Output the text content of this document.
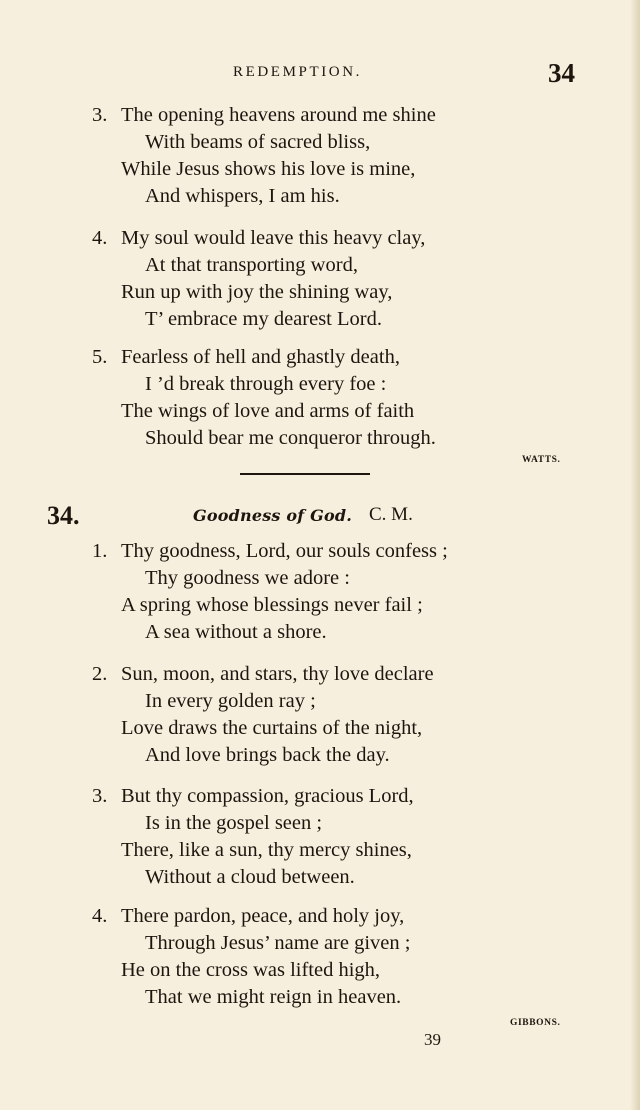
REDEMPTION.	34
3. The opening heavens around me shine
With beams of sacred bliss,
While Jesus shows his love is mine,
And whispers, I am his.
4. My soul would leave this heavy clay,
At that transporting word,
Run up with joy the shining way,
T’ embrace my dearest Lord.
5. Fearless of hell and ghastly death,
I ’d break through every foe :
The wings of love and arms of faith
Should bear me conqueror through.
WATTS.
34.	Goodness of God. C. M.
1. Thy goodness, Lord, our souls confess ;
Thy goodness we adore :
A spring whose blessings never fail ;
A sea without a shore.
2. Sun, moon, and stars, thy love declare
In every golden ray ;
Love draws the curtains of the night,
And love brings back the day.
3. But thy compassion, gracious Lord,
Is in the gospel seen ;
There, like a sun, thy mercy shines,
Without a cloud between.
4. There pardon, peace, and holy joy,
Through Jesus’ name are given ;
He on the cross was lifted high,
That we might reign in heaven.
GIBBONS.
39
